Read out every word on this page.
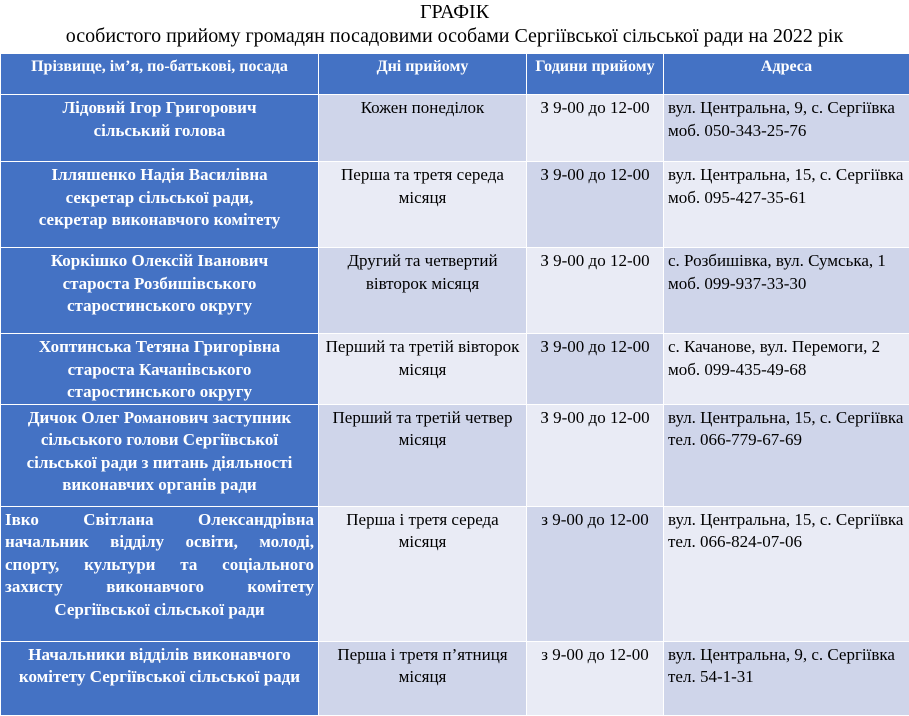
ГРАФІК
особистого прийому громадян посадовими особами Сергіївської сільської ради на 2022 рік
Прізвище, ім’я, по-батькові, посада	Дні прийому	Години прийому	Адреса

Лідовий Ігор Григорович
сільський голова	Кожен понеділок	З 9-00 до 12-00	вул. Центральна, 9, с. Сергіївка
моб. 050-343-25-76

Ілляшенко Надія Василівна
секретар сільської ради,
секретар виконавчого комітету	Перша та третя середа місяця	З 9-00 до 12-00	вул. Центральна, 15, с. Сергіївка
моб. 095-427-35-61

Коркішко Олексій Іванович
староста Розбишівського
старостинського округу	Другий та четвертий вівторок місяця	З 9-00 до 12-00	с. Розбишівка, вул. Сумська, 1
моб. 099-937-33-30

Хоптинська Тетяна Григорівна
староста Качанівського
старостинського округу	Перший та третій вівторок місяця	З 9-00 до 12-00	с. Качанове, вул. Перемоги, 2
моб. 099-435-49-68

Дичок Олег Романович заступник
сільського голови Сергіївської
сільської ради з питань діяльності
виконавчих органів ради	Перший та третій четвер місяця	З 9-00 до 12-00	вул. Центральна, 15, с. Сергіївка
тел. 066-779-67-69

Івко Світлана Олександрівна начальник відділу освіти, молоді, спорту, культури та соціального захисту виконавчого комітету Сергіївської сільської ради	Перша і третя середа місяця	з 9-00 до 12-00	вул. Центральна, 15, с. Сергіївка
тел. 066-824-07-06

Начальники відділів виконавчого
комітету Сергіївської сільської ради	Перша і третя п’ятниця місяця	з 9-00 до 12-00	вул. Центральна, 9, с. Сергіївка
тел. 54-1-31
